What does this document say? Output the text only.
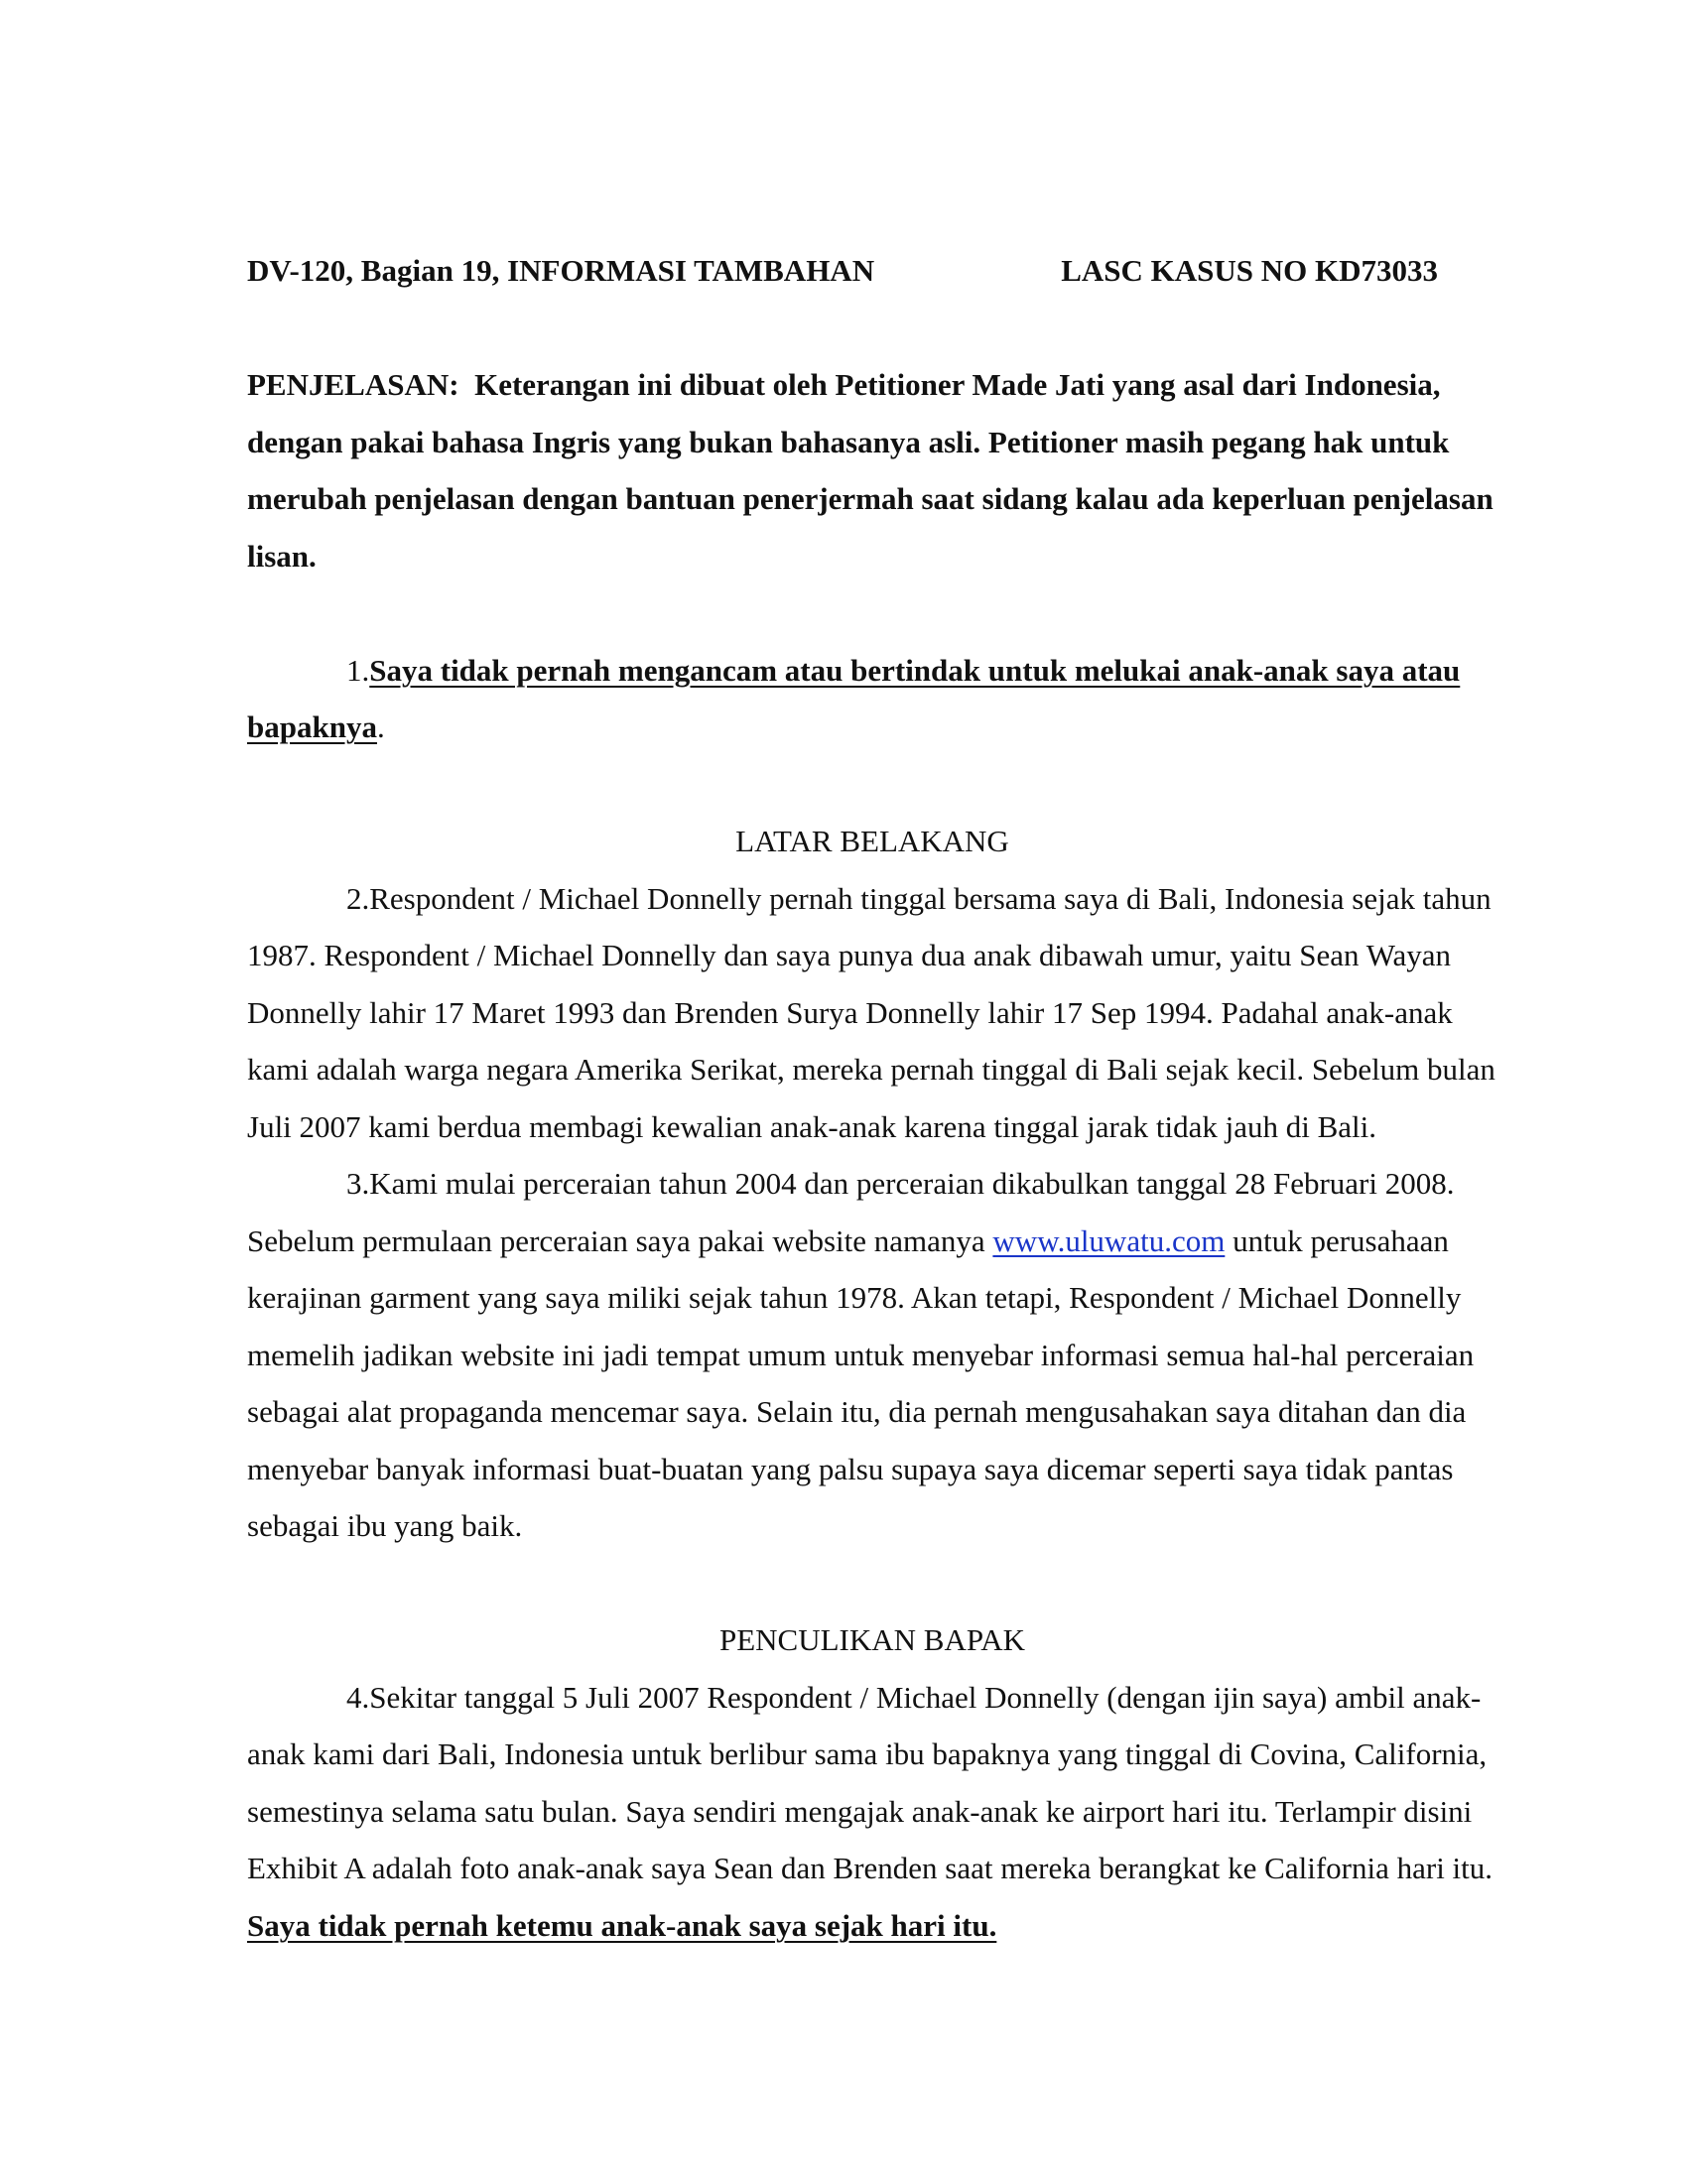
DV-120, Bagian 19, INFORMASI TAMBAHAN	LASC KASUS NO KD73033

PENJELASAN: Keterangan ini dibuat oleh Petitioner Made Jati yang asal dari Indonesia, dengan pakai bahasa Ingris yang bukan bahasanya asli. Petitioner masih pegang hak untuk merubah penjelasan dengan bantuan penerjermah saat sidang kalau ada keperluan penjelasan lisan.

1.Saya tidak pernah mengancam atau bertindak untuk melukai anak-anak saya atau bapaknya.

LATAR BELAKANG

2.Respondent / Michael Donnelly pernah tinggal bersama saya di Bali, Indonesia sejak tahun 1987. Respondent / Michael Donnelly dan saya punya dua anak dibawah umur, yaitu Sean Wayan Donnelly lahir 17 Maret 1993 dan Brenden Surya Donnelly lahir 17 Sep 1994. Padahal anak-anak kami adalah warga negara Amerika Serikat, mereka pernah tinggal di Bali sejak kecil. Sebelum bulan Juli 2007 kami berdua membagi kewalian anak-anak karena tinggal jarak tidak jauh di Bali.

3.Kami mulai perceraian tahun 2004 dan perceraian dikabulkan tanggal 28 Februari 2008. Sebelum permulaan perceraian saya pakai website namanya www.uluwatu.com untuk perusahaan kerajinan garment yang saya miliki sejak tahun 1978. Akan tetapi, Respondent / Michael Donnelly memelih jadikan website ini jadi tempat umum untuk menyebar informasi semua hal-hal perceraian sebagai alat propaganda mencemar saya. Selain itu, dia pernah mengusahakan saya ditahan dan dia menyebar banyak informasi buat-buatan yang palsu supaya saya dicemar seperti saya tidak pantas sebagai ibu yang baik.

PENCULIKAN BAPAK

4.Sekitar tanggal 5 Juli 2007 Respondent / Michael Donnelly (dengan ijin saya) ambil anak-anak kami dari Bali, Indonesia untuk berlibur sama ibu bapaknya yang tinggal di Covina, California, semestinya selama satu bulan. Saya sendiri mengajak anak-anak ke airport hari itu. Terlampir disini Exhibit A adalah foto anak-anak saya Sean dan Brenden saat mereka berangkat ke California hari itu. Saya tidak pernah ketemu anak-anak saya sejak hari itu.
